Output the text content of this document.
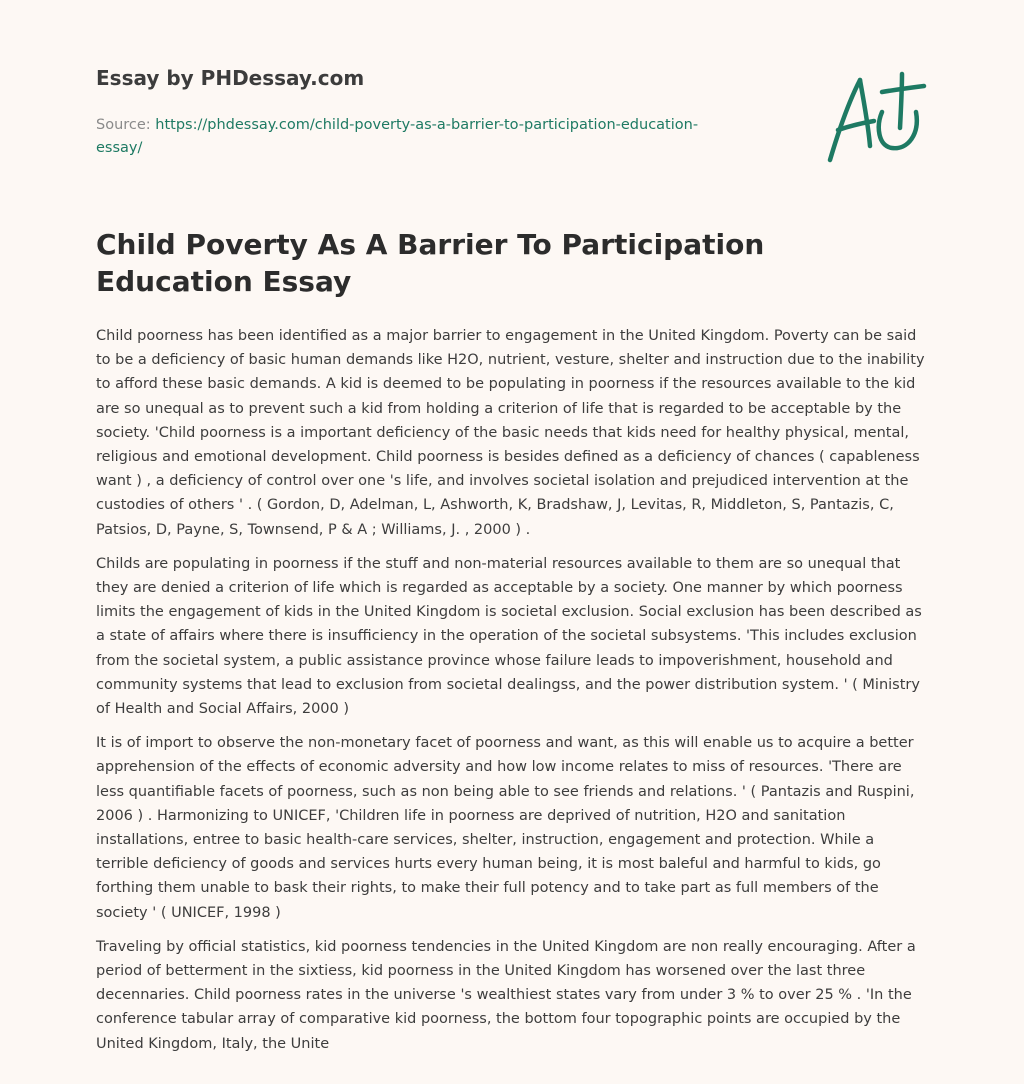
Essay by PHDessay.com
Source: https://phdessay.com/child-poverty-as-a-barrier-to-participation-education-essay/
Child Poverty As A Barrier To Participation Education Essay

Child poorness has been identified as a major barrier to engagement in the United Kingdom. Poverty can be said to be a deficiency of basic human demands like H2O, nutrient, vesture, shelter and instruction due to the inability to afford these basic demands. A kid is deemed to be populating in poorness if the resources available to the kid are so unequal as to prevent such a kid from holding a criterion of life that is regarded to be acceptable by the society. 'Child poorness is a important deficiency of the basic needs that kids need for healthy physical, mental, religious and emotional development. Child poorness is besides defined as a deficiency of chances ( capableness want ) , a deficiency of control over one 's life, and involves societal isolation and prejudiced intervention at the custodies of others ' . ( Gordon, D, Adelman, L, Ashworth, K, Bradshaw, J, Levitas, R, Middleton, S, Pantazis, C, Patsios, D, Payne, S, Townsend, P & A ; Williams, J. , 2000 ) .

Childs are populating in poorness if the stuff and non-material resources available to them are so unequal that they are denied a criterion of life which is regarded as acceptable by a society. One manner by which poorness limits the engagement of kids in the United Kingdom is societal exclusion. Social exclusion has been described as a state of affairs where there is insufficiency in the operation of the societal subsystems. 'This includes exclusion from the societal system, a public assistance province whose failure leads to impoverishment, household and community systems that lead to exclusion from societal dealingss, and the power distribution system. ' ( Ministry of Health and Social Affairs, 2000 )

It is of import to observe the non-monetary facet of poorness and want, as this will enable us to acquire a better apprehension of the effects of economic adversity and how low income relates to miss of resources. 'There are less quantifiable facets of poorness, such as non being able to see friends and relations. ' ( Pantazis and Ruspini, 2006 ) . Harmonizing to UNICEF, 'Children life in poorness are deprived of nutrition, H2O and sanitation installations, entree to basic health-care services, shelter, instruction, engagement and protection. While a terrible deficiency of goods and services hurts every human being, it is most baleful and harmful to kids, go forthing them unable to bask their rights, to make their full potency and to take part as full members of the society ' ( UNICEF, 1998 )

Traveling by official statistics, kid poorness tendencies in the United Kingdom are non really encouraging. After a period of betterment in the sixtiess, kid poorness in the United Kingdom has worsened over the last three decennaries. Child poorness rates in the universe 's wealthiest states vary from under 3 % to over 25 % . 'In the conference tabular array of comparative kid poorness, the bottom four topographic points are occupied by the United Kingdom, Italy, the Unite
